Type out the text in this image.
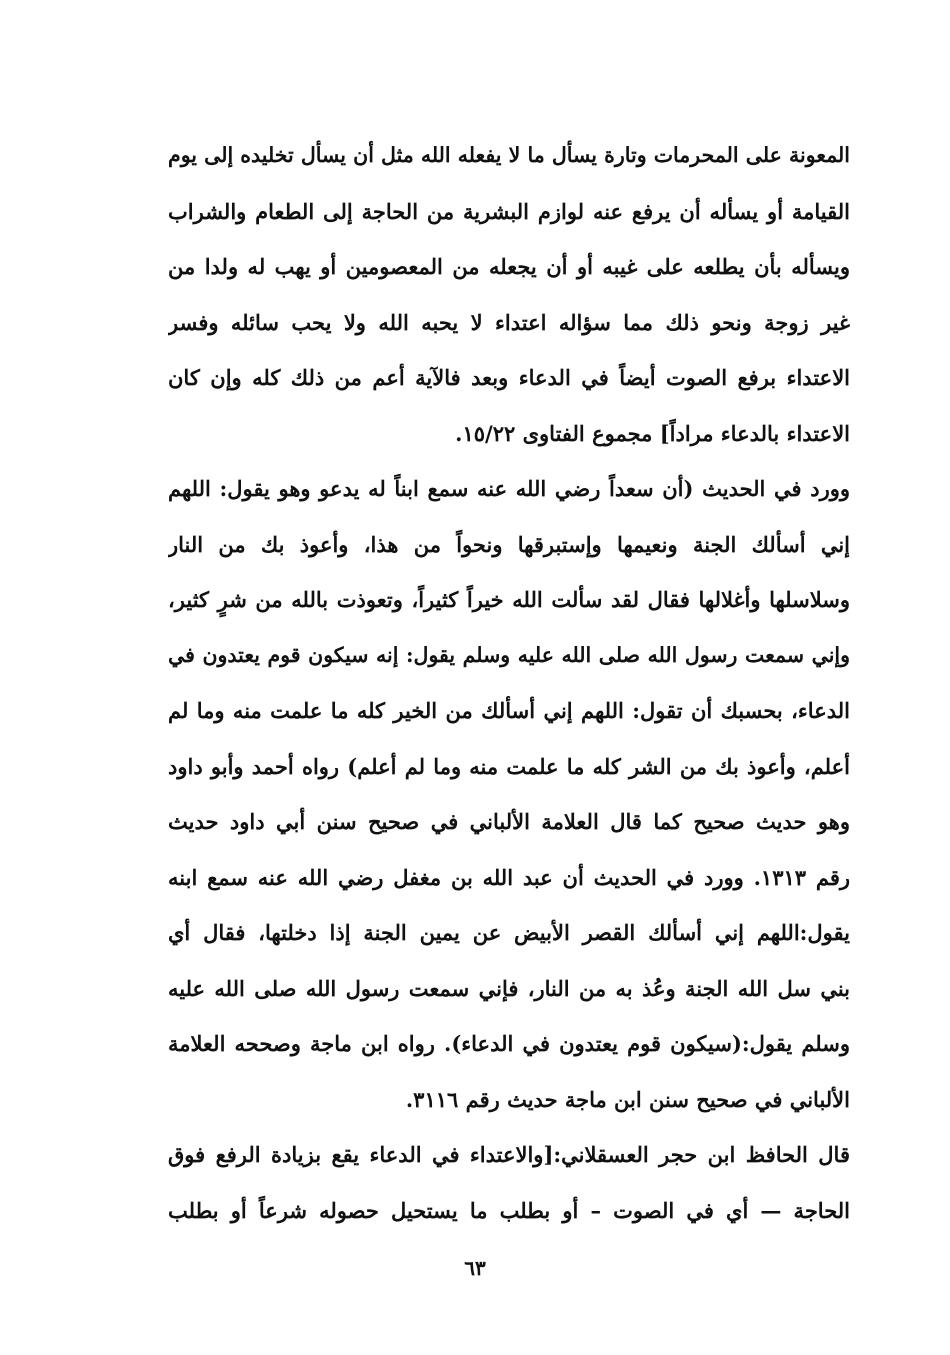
المعونة على المحرمات وتارة يسأل ما لا يفعله الله مثل أن يسأل تخليده إلى يوم
القيامة أو يسأله أن يرفع عنه لوازم البشرية من الحاجة إلى الطعام والشراب
ويسأله بأن يطلعه على غيبه أو أن يجعله من المعصومين أو يهب له ولدا من
غير زوجة ونحو ذلك مما سؤاله اعتداء لا يحبه الله ولا يحب سائله وفسر
الاعتداء برفع الصوت أيضاً في الدعاء وبعد فالآية أعم من ذلك كله وإن كان
الاعتداء بالدعاء مراداً] مجموع الفتاوى ١٥/٢٢.
وورد في الحديث (أن سعداً رضي الله عنه سمع ابناً له يدعو وهو يقول: اللهم
إني أسألك الجنة ونعيمها وإستبرقها ونحواً من هذا، وأعوذ بك من النار
وسلاسلها وأغلالها فقال لقد سألت الله خيراً كثيراً، وتعوذت بالله من شرٍ كثير،
وإني سمعت رسول الله صلى الله عليه وسلم يقول: إنه سيكون قوم يعتدون في
الدعاء، بحسبك أن تقول: اللهم إني أسألك من الخير كله ما علمت منه وما لم
أعلم، وأعوذ بك من الشر كله ما علمت منه وما لم أعلم) رواه أحمد وأبو داود
وهو حديث صحيح كما قال العلامة الألباني في صحيح سنن أبي داود حديث
رقم ١٣١٣. وورد في الحديث أن عبد الله بن مغفل رضي الله عنه سمع ابنه
يقول:اللهم إني أسألك القصر الأبيض عن يمين الجنة إذا دخلتها، فقال أي
بني سل الله الجنة وعُذ به من النار، فإني سمعت رسول الله صلى الله عليه
وسلم يقول:(سيكون قوم يعتدون في الدعاء). رواه ابن ماجة وصححه العلامة
الألباني في صحيح سنن ابن ماجة حديث رقم ٣١١٦.
قال الحافظ ابن حجر العسقلاني:[والاعتداء في الدعاء يقع بزيادة الرفع فوق
الحاجة — أي في الصوت – أو بطلب ما يستحيل حصوله شرعاً أو بطلب
٦٣
